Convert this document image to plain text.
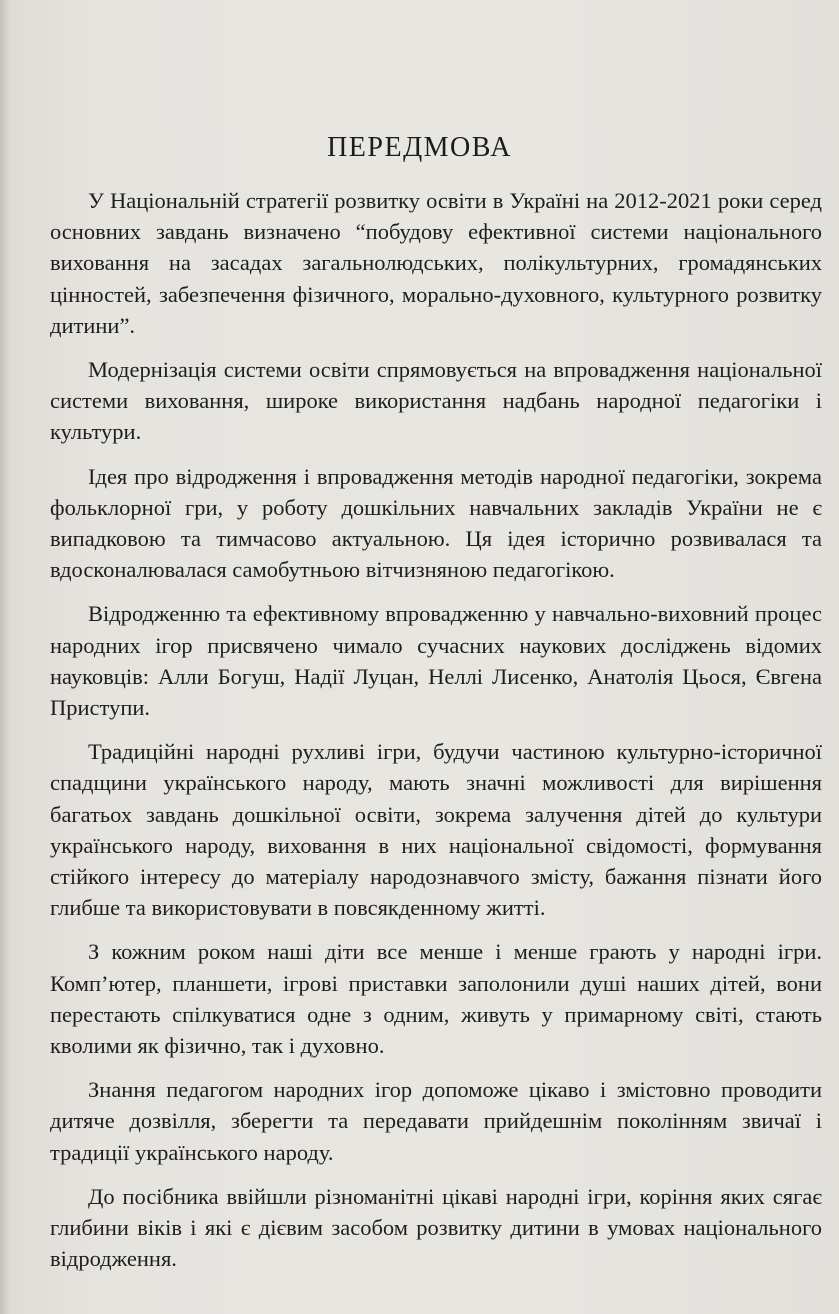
ПЕРЕДМОВА

У Національній стратегії розвитку освіти в Україні на 2012-2021 роки серед основних завдань визначено “побудову ефективної системи національного виховання на засадах загальнолюдських, полікультурних, громадянських цінностей, забезпечення фізичного, морально-духовного, культурного розвитку дитини”.

Модернізація системи освіти спрямовується на впровадження національної системи виховання, широке використання надбань народної педагогіки і культури.

Ідея про відродження і впровадження методів народної педагогіки, зокрема фольклорної гри, у роботу дошкільних навчальних закладів України не є випадковою та тимчасово актуальною. Ця ідея історично розвивалася та вдосконалювалася самобутньою вітчизняною педагогікою.

Відродженню та ефективному впровадженню у навчально-виховний процес народних ігор присвячено чимало сучасних наукових досліджень відомих науковців: Алли Богуш, Надії Луцан, Неллі Лисенко, Анатолія Цьося, Євгена Приступи.

Традиційні народні рухливі ігри, будучи частиною культурно-історичної спадщини українського народу, мають значні можливості для вирішення багатьох завдань дошкільної освіти, зокрема залучення дітей до культури українського народу, виховання в них національної свідомості, формування стійкого інтересу до матеріалу народознавчого змісту, бажання пізнати його глибше та використовувати в повсякденному житті.

З кожним роком наші діти все менше і менше грають у народні ігри. Комп’ютер, планшети, ігрові приставки заполонили душі наших дітей, вони перестають спілкуватися одне з одним, живуть у примарному світі, стають кволими як фізично, так і духовно.

Знання педагогом народних ігор допоможе цікаво і змістовно проводити дитяче дозвілля, зберегти та передавати прийдешнім поколінням звичаї і традиції українського народу.

До посібника ввійшли різноманітні цікаві народні ігри, коріння яких сягає глибини віків і які є дієвим засобом розвитку дитини в умовах національного відродження.
